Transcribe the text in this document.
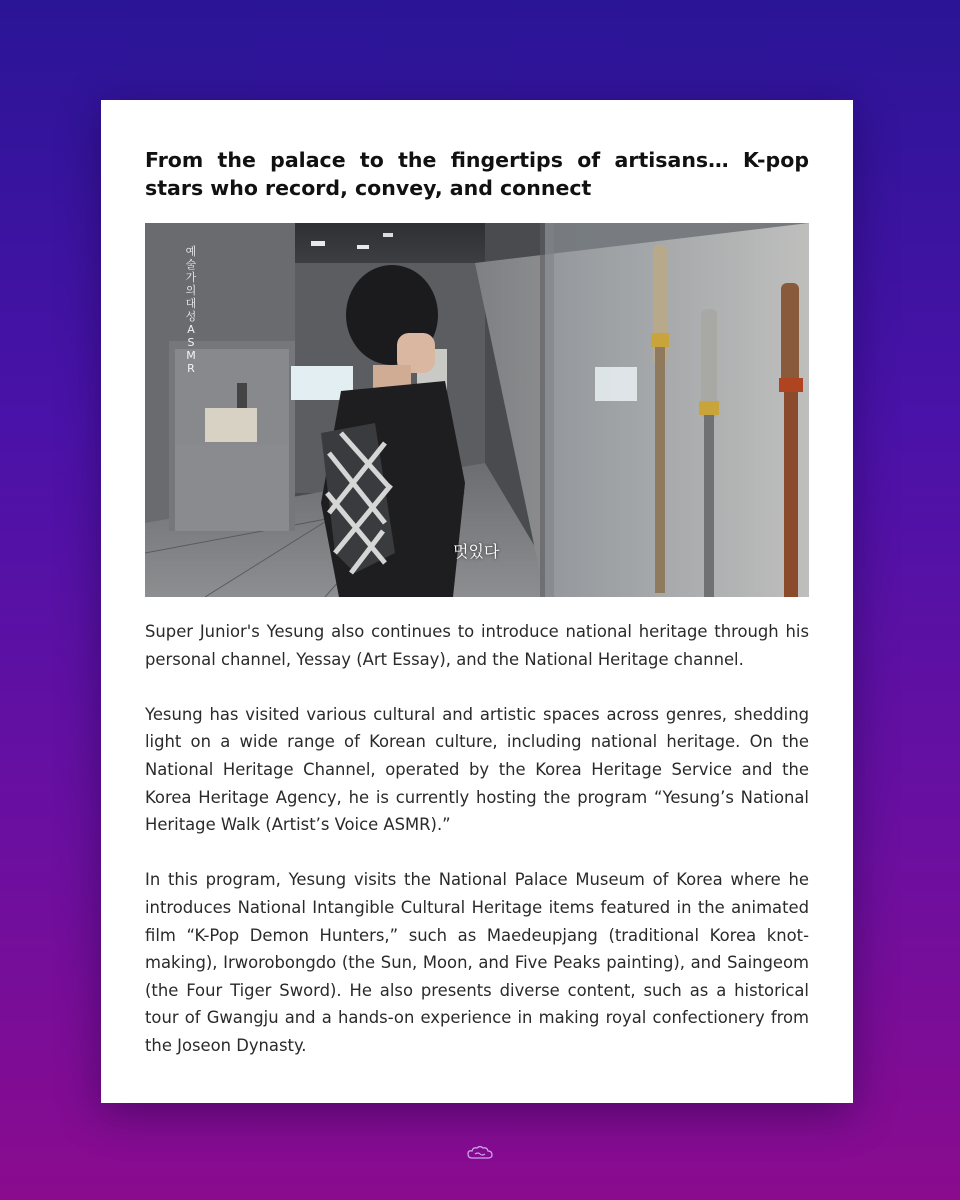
From the palace to the fingertips of artisans… K-pop stars who record, convey, and connect
예
술
가
의
대
성
A
S
M
R
멋있다

Super Junior's Yesung also continues to introduce national heritage through his personal channel, Yessay (Art Essay), and the National Heritage channel.

Yesung has visited various cultural and artistic spaces across genres, shedding light on a wide range of Korean culture, including national heritage. On the National Heritage Channel, operated by the Korea Heritage Service and the Korea Heritage Agency, he is currently hosting the program “Yesung’s National Heritage Walk (Artist’s Voice ASMR).”

In this program, Yesung visits the National Palace Museum of Korea where he introduces National Intangible Cultural Heritage items featured in the animated film “K-Pop Demon Hunters,” such as Maedeupjang (traditional Korea knot-making), Irworobongdo (the Sun, Moon, and Five Peaks painting), and Saingeom (the Four Tiger Sword). He also presents diverse content, such as a historical tour of Gwangju and a hands-on experience in making royal confectionery from the Joseon Dynasty.
